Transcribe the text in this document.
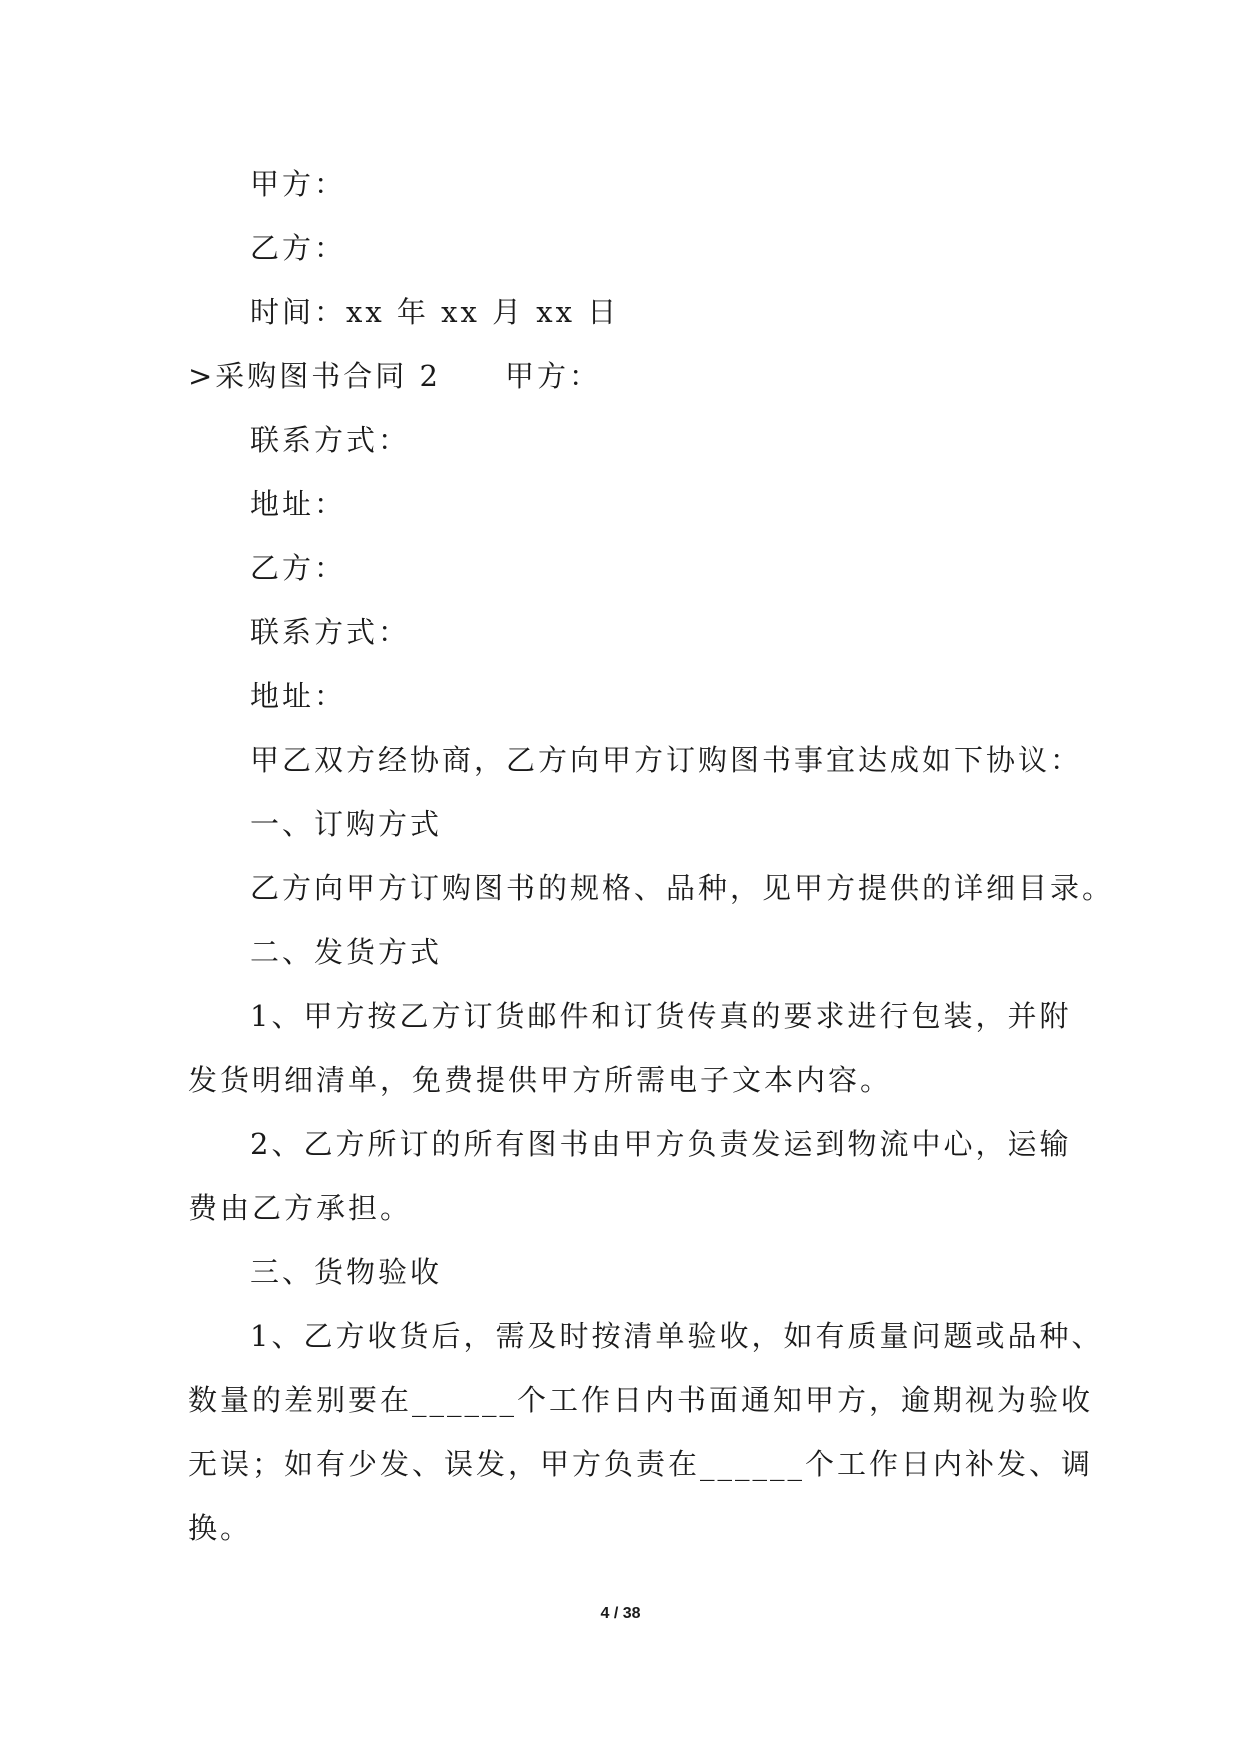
甲方：
乙方：
时间：xx 年 xx 月 xx 日
>采购图书合同 2　　甲方：
联系方式：
地址：
乙方：
联系方式：
地址：
甲乙双方经协商，乙方向甲方订购图书事宜达成如下协议：
一、订购方式
乙方向甲方订购图书的规格、品种，见甲方提供的详细目录。
二、发货方式
1、甲方按乙方订货邮件和订货传真的要求进行包装，并附
发货明细清单，免费提供甲方所需电子文本内容。
2、乙方所订的所有图书由甲方负责发运到物流中心，运输
费由乙方承担。
三、货物验收
1、乙方收货后，需及时按清单验收，如有质量问题或品种、
数量的差别要在______个工作日内书面通知甲方，逾期视为验收
无误；如有少发、误发，甲方负责在______个工作日内补发、调
换。
4 / 38
